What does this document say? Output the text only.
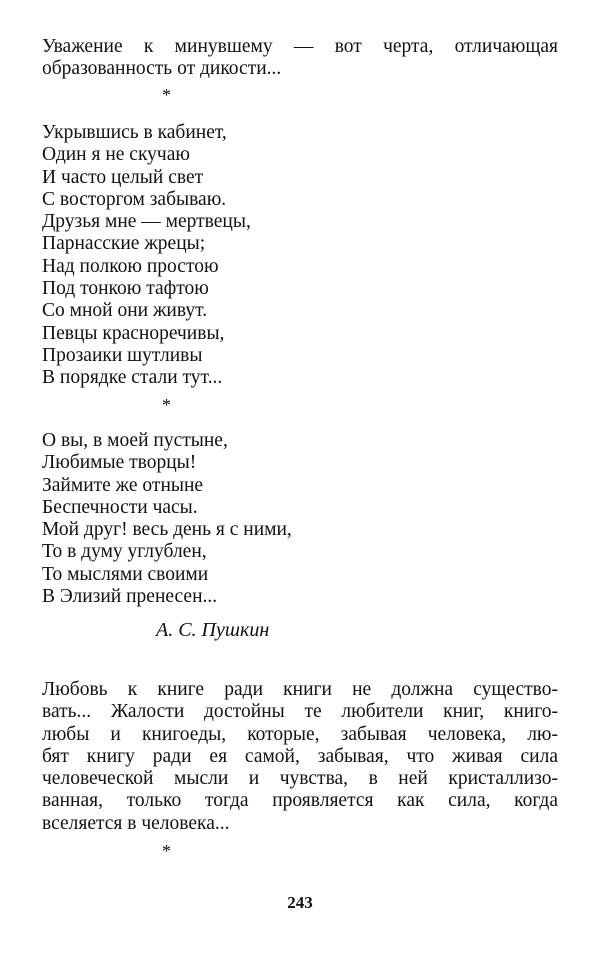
Уважение к минувшему — вот черта, отличающая
образованность от дикости...
*
Укрывшись в кабинет,
Один я не скучаю
И часто целый свет
С восторгом забываю.
Друзья мне — мертвецы,
Парнасские жрецы;
Над полкою простою
Под тонкою тафтою
Со мной они живут.
Певцы красноречивы,
Прозаики шутливы
В порядке стали тут...
*
О вы, в моей пустыне,
Любимые творцы!
Займите же отныне
Беспечности часы.
Мой друг! весь день я с ними,
То в думу углублен,
То мыслями своими
В Элизий пренесен...
А. С. Пушкин
Любовь к книге ради книги не должна существо-
вать... Жалости достойны те любители книг, книго-
любы и книгоеды, которые, забывая человека, лю-
бят книгу ради ея самой, забывая, что живая сила
человеческой мысли и чувства, в ней кристаллизо-
ванная, только тогда проявляется как сила, когда
вселяется в человека...
*
243
